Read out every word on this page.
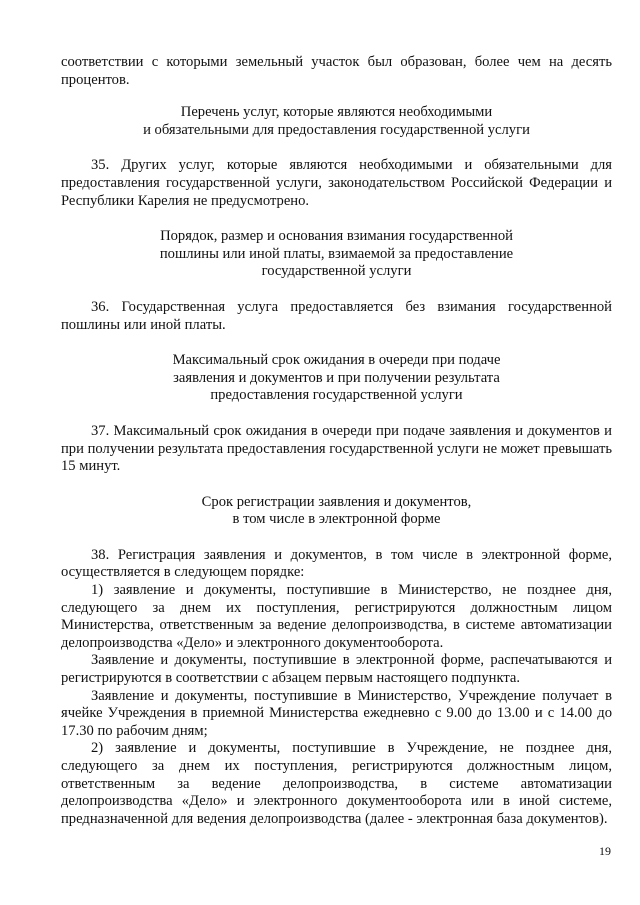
соответствии с которыми земельный участок был образован, более чем на десять процентов.

Перечень услуг, которые являются необходимыми

и обязательными для предоставления государственной услуги

35. Других услуг, которые являются необходимыми и обязательными для предоставления государственной услуги, законодательством Российской Федерации и Республики Карелия не предусмотрено.

Порядок, размер и основания взимания государственной

пошлины или иной платы, взимаемой за предоставление

государственной услуги

36. Государственная услуга предоставляется без взимания государственной пошлины или иной платы.

Максимальный срок ожидания в очереди при подаче

заявления и документов и при получении результата

предоставления государственной услуги

37. Максимальный срок ожидания в очереди при подаче заявления и документов и при получении результата предоставления государственной услуги не может превышать 15 минут.

Срок регистрации заявления и документов,

в том числе в электронной форме

38. Регистрация заявления и документов, в том числе в электронной форме, осуществляется в следующем порядке:

1) заявление и документы, поступившие в Министерство, не позднее дня, следующего за днем их поступления, регистрируются должностным лицом Министерства, ответственным за ведение делопроизводства, в системе автоматизации делопроизводства «Дело» и электронного документооборота.

Заявление и документы, поступившие в электронной форме, распечатываются и регистрируются в соответствии с абзацем первым настоящего подпункта.

Заявление и документы, поступившие в Министерство, Учреждение получает в ячейке Учреждения в приемной Министерства ежедневно с 9.00 до 13.00 и с 14.00 до 17.30 по рабочим дням;

2) заявление и документы, поступившие в Учреждение, не позднее дня, следующего за днем их поступления, регистрируются должностным лицом, ответственным за ведение делопроизводства, в системе автоматизации делопроизводства «Дело» и электронного документооборота или в иной системе, предназначенной для ведения делопроизводства (далее - электронная база документов).

19
